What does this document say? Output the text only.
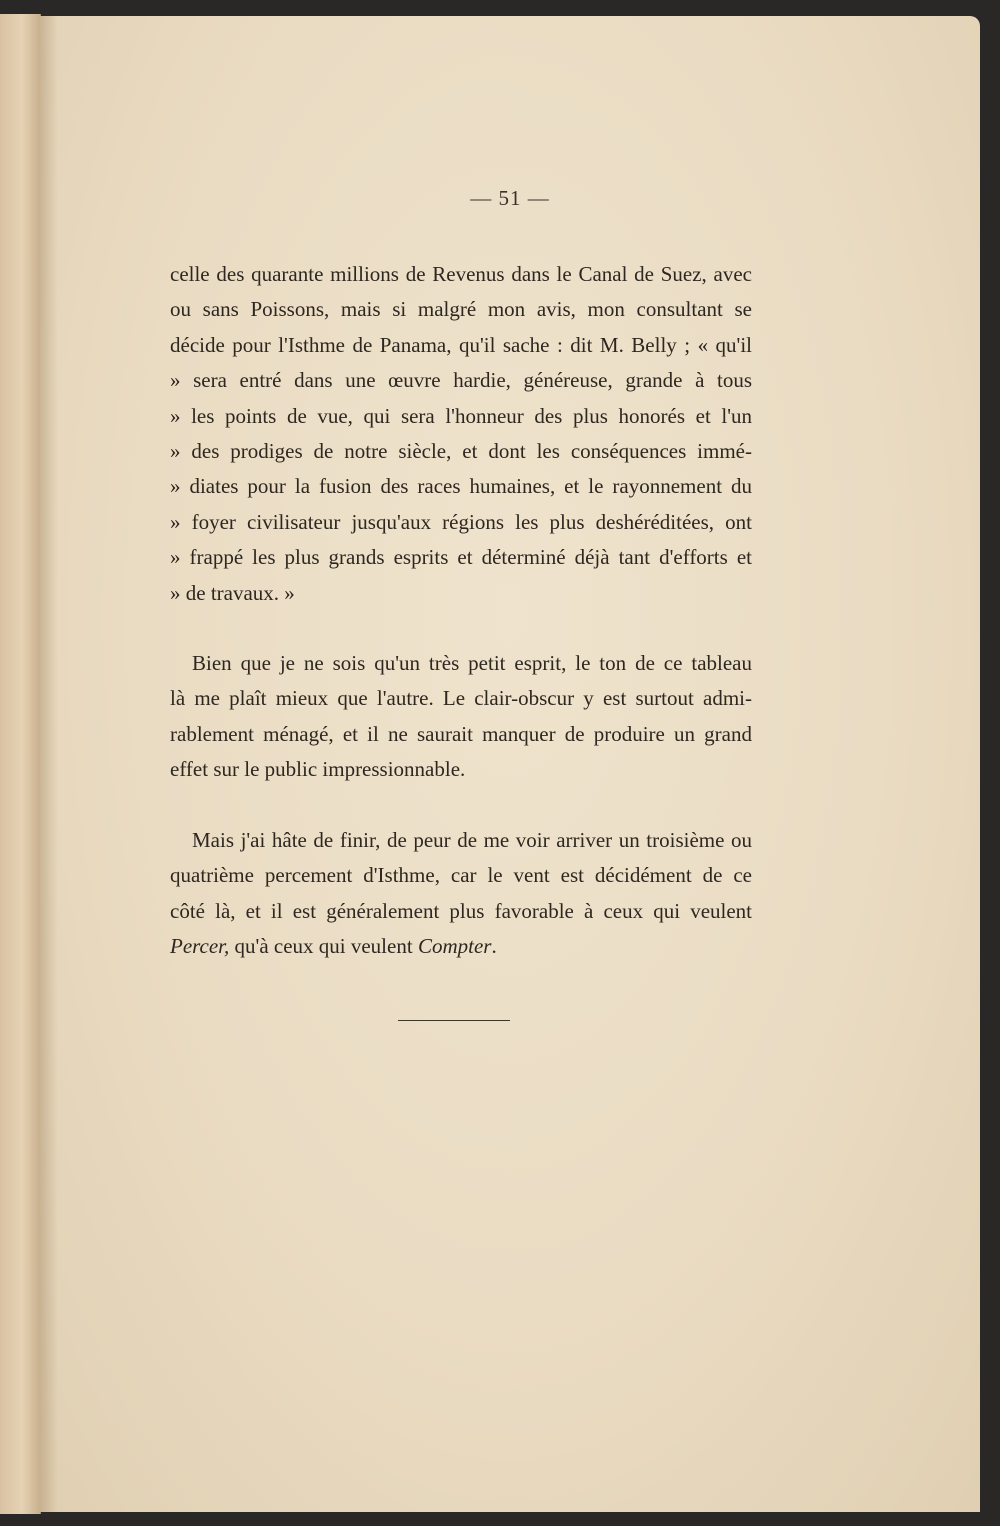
— 51 —
celle des quarante millions de Revenus dans le Canal de Suez, avec
ou sans Poissons, mais si malgré mon avis, mon consultant se
décide pour l'Isthme de Panama, qu'il sache : dit M. Belly ; « qu'il
» sera entré dans une œuvre hardie, généreuse, grande à tous
» les points de vue, qui sera l'honneur des plus honorés et l'un
» des prodiges de notre siècle, et dont les conséquences immé-
» diates pour la fusion des races humaines, et le rayonnement du
» foyer civilisateur jusqu'aux régions les plus deshéréditées, ont
» frappé les plus grands esprits et déterminé déjà tant d'efforts et
» de travaux. »
Bien que je ne sois qu'un très petit esprit, le ton de ce tableau
là me plaît mieux que l'autre. Le clair-obscur y est surtout admi-
rablement ménagé, et il ne saurait manquer de produire un grand
effet sur le public impressionnable.
Mais j'ai hâte de finir, de peur de me voir arriver un troisième ou
quatrième percement d'Isthme, car le vent est décidément de ce
côté là, et il est généralement plus favorable à ceux qui veulent
Percer, qu'à ceux qui veulent Compter.
